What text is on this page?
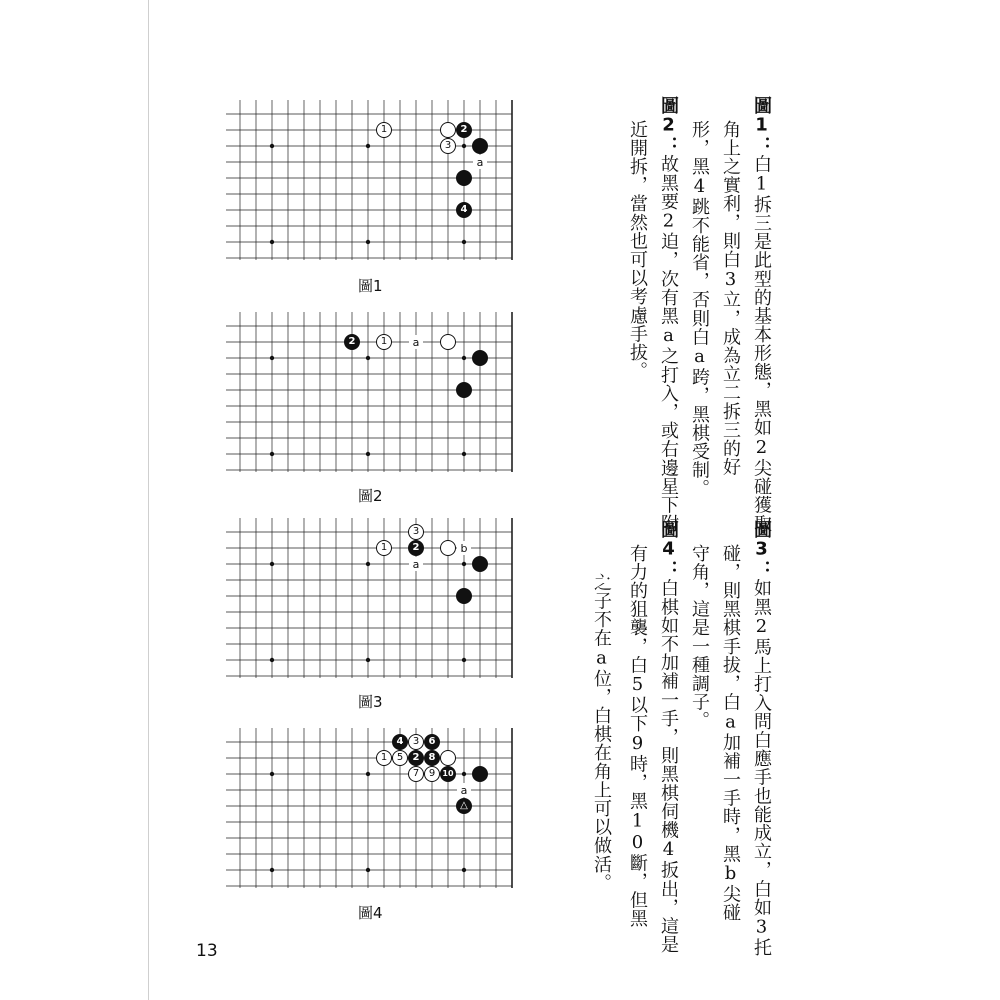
a
1	2
3
4
圖1
a
2	1
圖2
a
b
3
1	2
圖3
a
4 3 6
1 5 2 8
7 9 10
△
圖4
13
圖1：白1拆三是此型的基本形態，黑如2尖碰獲取
角上之實利，則白3立，成為立二拆三的好
形，黑4跳不能省，否則白a跨，黑棋受制。
圖2：故黑要2迫，次有黑a之打入，或右邊星下附
近開拆，當然也可以考慮手拔。
圖3：如黑2馬上打入問白應手也能成立，白如3托
碰，則黑棋手拔，白a加補一手時，黑b尖碰
守角，這是一種調子。
圖4：白棋如不加補一手，則黑棋伺機4扳出，這是
有力的狙襲，白5以下9時，黑10斷，但黑
之子不在a位，白棋在角上可以做活。
